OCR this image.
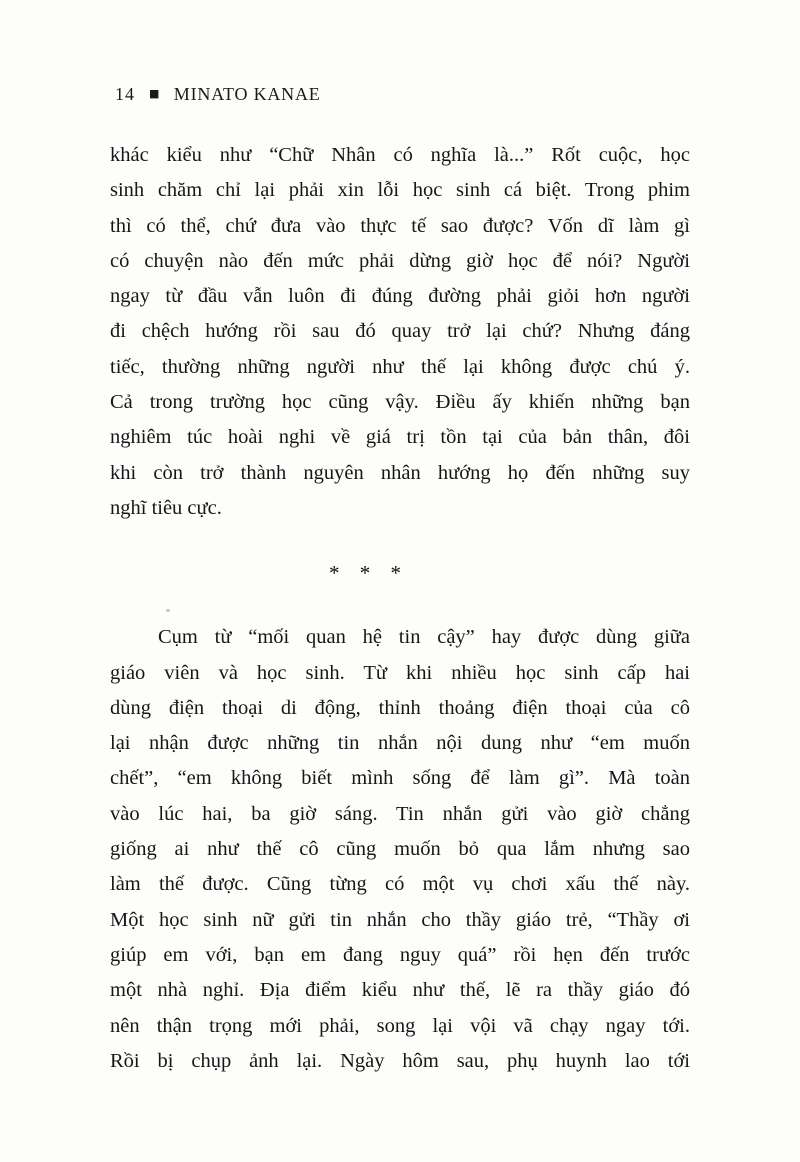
14 ■ MINATO KANAE
khác kiểu như “Chữ Nhân có nghĩa là...” Rốt cuộc, học
sinh chăm chỉ lại phải xin lỗi học sinh cá biệt. Trong phim
thì có thể, chứ đưa vào thực tế sao được? Vốn dĩ làm gì
có chuyện nào đến mức phải dừng giờ học để nói? Người
ngay từ đầu vẫn luôn đi đúng đường phải giỏi hơn người
đi chệch hướng rồi sau đó quay trở lại chứ? Nhưng đáng
tiếc, thường những người như thế lại không được chú ý.
Cả trong trường học cũng vậy. Điều ấy khiến những bạn
nghiêm túc hoài nghi về giá trị tồn tại của bản thân, đôi
khi còn trở thành nguyên nhân hướng họ đến những suy
nghĩ tiêu cực.
* * *
Cụm từ “mối quan hệ tin cậy” hay được dùng giữa
giáo viên và học sinh. Từ khi nhiều học sinh cấp hai
dùng điện thoại di động, thỉnh thoảng điện thoại của cô
lại nhận được những tin nhắn nội dung như “em muốn
chết”, “em không biết mình sống để làm gì”. Mà toàn
vào lúc hai, ba giờ sáng. Tin nhắn gửi vào giờ chẳng
giống ai như thế cô cũng muốn bỏ qua lắm nhưng sao
làm thế được. Cũng từng có một vụ chơi xấu thế này.
Một học sinh nữ gửi tin nhắn cho thầy giáo trẻ, “Thầy ơi
giúp em với, bạn em đang nguy quá” rồi hẹn đến trước
một nhà nghỉ. Địa điểm kiểu như thế, lẽ ra thầy giáo đó
nên thận trọng mới phải, song lại vội vã chạy ngay tới.
Rồi bị chụp ảnh lại. Ngày hôm sau, phụ huynh lao tới
